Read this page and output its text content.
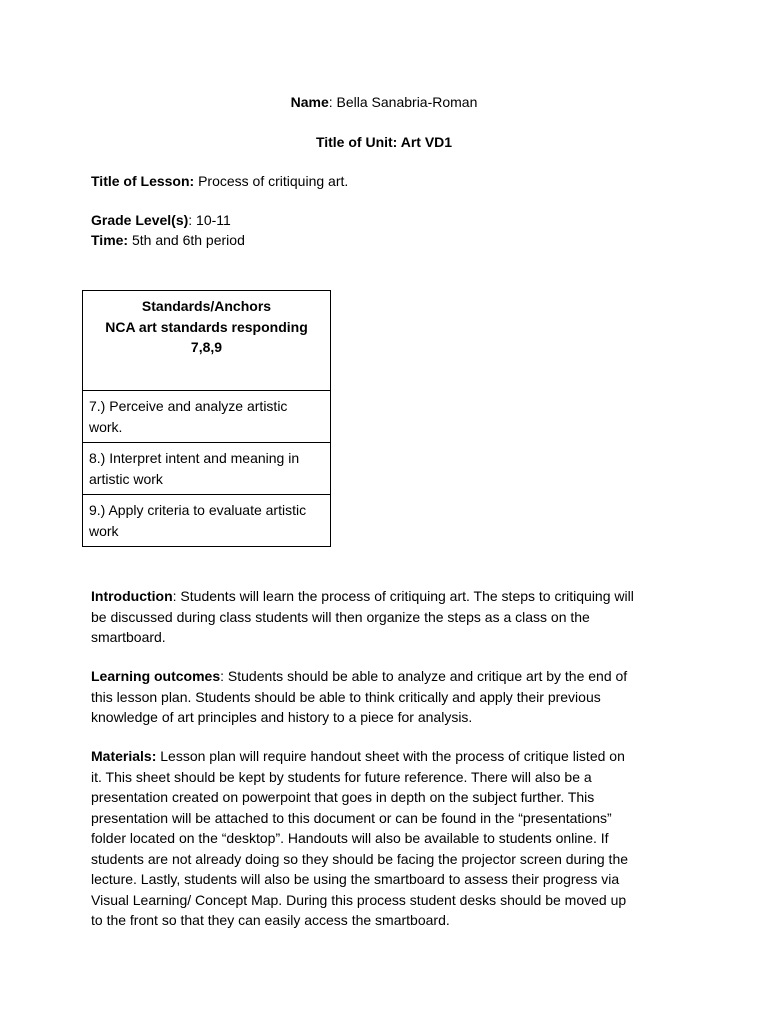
Name: Bella Sanabria-Roman
Title of Unit: Art VD1
Title of Lesson: Process of critiquing art.
Grade Level(s): 10-11
Time: 5th and 6th period
Standards/Anchors
NCA art standards responding
7,8,9

7.) Perceive and analyze artistic
work.

8.) Interpret intent and meaning in
artistic work

9.) Apply criteria to evaluate artistic
work
Introduction: Students will learn the process of critiquing art. The steps to critiquing will
be discussed during class students will then organize the steps as a class on the
smartboard.
Learning outcomes: Students should be able to analyze and critique art by the end of
this lesson plan. Students should be able to think critically and apply their previous
knowledge of art principles and history to a piece for analysis.
Materials: Lesson plan will require handout sheet with the process of critique listed on
it. This sheet should be kept by students for future reference. There will also be a
presentation created on powerpoint that goes in depth on the subject further. This
presentation will be attached to this document or can be found in the “presentations”
folder located on the “desktop”. Handouts will also be available to students online. If
students are not already doing so they should be facing the projector screen during the
lecture. Lastly, students will also be using the smartboard to assess their progress via
Visual Learning/ Concept Map. During this process student desks should be moved up
to the front so that they can easily access the smartboard.
